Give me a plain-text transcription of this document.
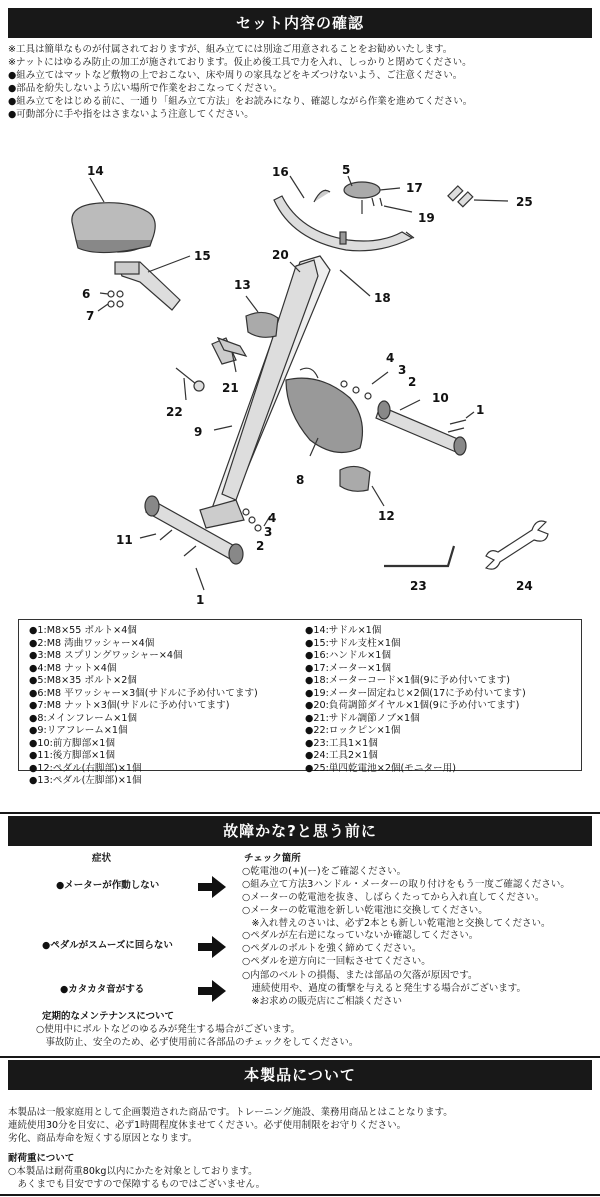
セット内容の確認
※工具は簡単なものが付属されておりますが、組み立てには別途ご用意されることをお勧めいたします。
※ナットにはゆるみ防止の加工が施されております。仮止め後工具で力を入れ、しっかりと閉めてください。
●組み立てはマットなど敷物の上でおこない、床や周りの家具などをキズつけないよう、ご注意ください。
●部品を紛失しないよう広い場所で作業をおこなってください。
●組み立てをはじめる前に、一通り「組み立て方法」をお読みになり、確認しながら作業を進めてください。
●可動部分に手や指をはさまないよう注意してください。
14	16	5
17
19
25
15	20
6
7
13
18
4
3
2
21
10
22	1
9
8
12
4
3
2
11
1
23	24
●1:M8×55 ボルト×4個
●2:M8 湾曲ワッシャー×4個
●3:M8 スプリングワッシャー×4個
●4:M8 ナット×4個
●5:M8×35 ボルト×2個
●6:M8 平ワッシャー×3個(サドルに予め付いてます)
●7:M8 ナット×3個(サドルに予め付いてます)
●8:メインフレーム×1個
●9:リアフレーム×1個
●10:前方脚部×1個
●11:後方脚部×1個
●12:ペダル(右脚部)×1個
●13:ペダル(左脚部)×1個
●14:サドル×1個
●15:サドル支柱×1個
●16:ハンドル×1個
●17:メーター×1個
●18:メーターコード×1個(9に予め付いてます)
●19:メーター固定ねじ×2個(17に予め付いてます)
●20:負荷調節ダイヤル×1個(9に予め付いてます)
●21:サドル調節ノブ×1個
●22:ロックピン×1個
●23:工具1×1個
●24:工具2×1個
●25:単四乾電池×2個(モニター用)
故障かな?と思う前に
症状	チェック箇所
●メーターが作動しない
○乾電池の(+)(ー)をご確認ください。
○組み立て方法3ハンドル・メーターの取り付けをもう一度ご確認ください。
○メーターの乾電池を抜き、しばらくたってから入れ直してください。
○メーターの乾電池を新しい乾電池に交換してください。
　※入れ替えのさいは、必ず2本とも新しい乾電池と交換してください。
●ペダルがスムーズに回らない
○ペダルが左右逆になっていないか確認してください。
○ペダルのボルトを強く締めてください。
○ペダルを逆方向に一回転させてください。
●カタカタ音がする
○内部のベルトの損傷、または部品の欠落が原因です。
　連続使用や、過度の衝撃を与えると発生する場合がございます。
　※お求めの販売店にご相談ください
定期的なメンテナンスについて
○使用中にボルトなどのゆるみが発生する場合がございます。
　事故防止、安全のため、必ず使用前に各部品のチェックをしてください。
本製品について
本製品は一般家庭用として企画製造された商品です。トレーニング施設、業務用商品とはことなります。
連続使用30分を目安に、必ず1時間程度休ませてください。必ず使用制限をお守りください。
劣化、商品寿命を短くする原因となります。
耐荷重について
○本製品は耐荷重80kg以内にかたを対象としております。
　あくまでも目安ですので保障するものではございません。
